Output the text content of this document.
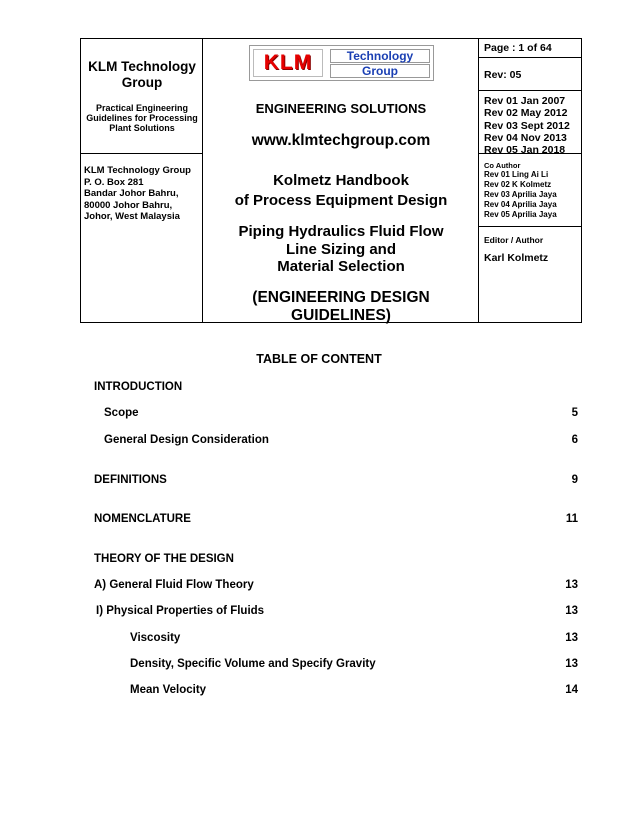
KLM Technology
Group
Practical Engineering
Guidelines for Processing
Plant Solutions
KLM Technology Group
P. O. Box 281
Bandar Johor Bahru,
80000 Johor Bahru,
Johor, West Malaysia
KLM	Technology
Group
ENGINEERING SOLUTIONS
www.klmtechgroup.com
Kolmetz Handbook
of Process Equipment Design
Piping Hydraulics Fluid Flow
Line Sizing and
Material Selection
(ENGINEERING DESIGN GUIDELINES)
Page : 1 of 64
Rev: 05
Rev 01 Jan 2007
Rev 02 May 2012
Rev 03 Sept 2012
Rev 04 Nov 2013
Rev 05 Jan 2018
Co Author
Rev 01 Ling Ai Li
Rev 02 K Kolmetz
Rev 03 Aprilia Jaya
Rev 04 Aprilia Jaya
Rev 05 Aprilia Jaya
Editor / Author
Karl Kolmetz
TABLE OF CONTENT
INTRODUCTION
Scope	5
General Design Consideration	6
DEFINITIONS	9
NOMENCLATURE	11
THEORY OF THE DESIGN
A) General Fluid Flow Theory	13
I) Physical Properties of Fluids	13
Viscosity	13
Density, Specific Volume and Specify Gravity	13
Mean Velocity	14
